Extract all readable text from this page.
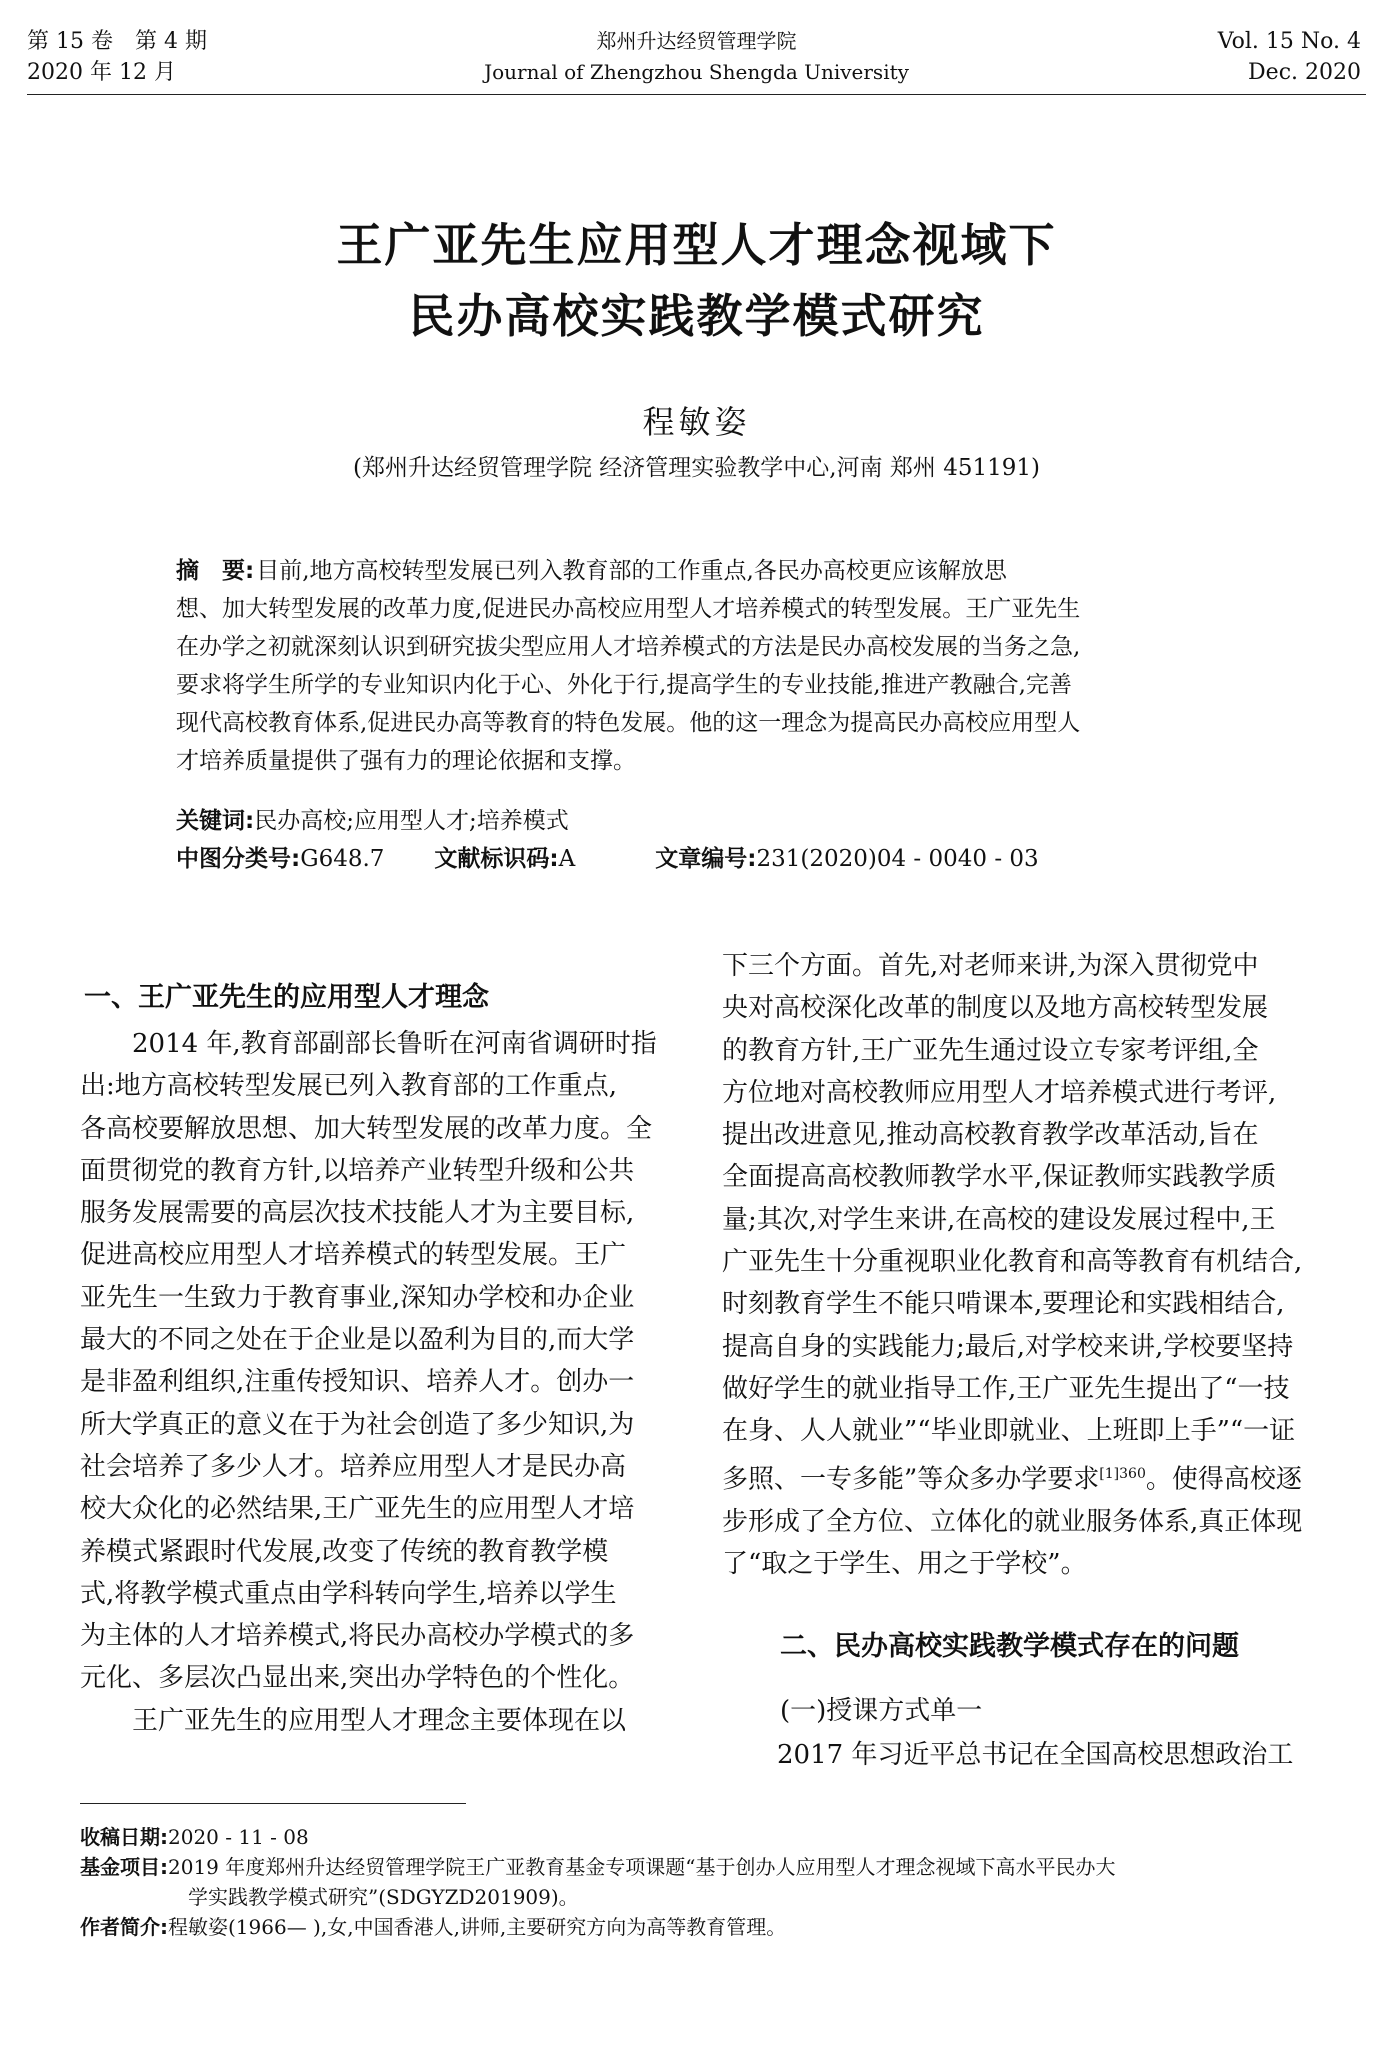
第 15 卷　第 4 期
2020 年 12 月
郑州升达经贸管理学院
Journal of Zhengzhou Shengda University
Vol. 15 No. 4
Dec. 2020
王广亚先生应用型人才理念视域下
民办高校实践教学模式研究
程敏姿
(郑州升达经贸管理学院 经济管理实验教学中心,河南 郑州 451191)
摘　要:目前,地方高校转型发展已列入教育部的工作重点,各民办高校更应该解放思
想、加大转型发展的改革力度,促进民办高校应用型人才培养模式的转型发展。王广亚先生
在办学之初就深刻认识到研究拔尖型应用人才培养模式的方法是民办高校发展的当务之急,
要求将学生所学的专业知识内化于心、外化于行,提高学生的专业技能,推进产教融合,完善
现代高校教育体系,促进民办高等教育的特色发展。他的这一理念为提高民办高校应用型人
才培养质量提供了强有力的理论依据和支撑。
关键词:民办高校;应用型人才;培养模式
中图分类号:G648.7 文献标识码:A	文章编号:231(2020)04 - 0040 - 03
一、王广亚先生的应用型人才理念
　　2014 年,教育部副部长鲁昕在河南省调研时指
出:地方高校转型发展已列入教育部的工作重点,
各高校要解放思想、加大转型发展的改革力度。全
面贯彻党的教育方针,以培养产业转型升级和公共
服务发展需要的高层次技术技能人才为主要目标,
促进高校应用型人才培养模式的转型发展。王广
亚先生一生致力于教育事业,深知办学校和办企业
最大的不同之处在于企业是以盈利为目的,而大学
是非盈利组织,注重传授知识、培养人才。创办一
所大学真正的意义在于为社会创造了多少知识,为
社会培养了多少人才。培养应用型人才是民办高
校大众化的必然结果,王广亚先生的应用型人才培
养模式紧跟时代发展,改变了传统的教育教学模
式,将教学模式重点由学科转向学生,培养以学生
为主体的人才培养模式,将民办高校办学模式的多
元化、多层次凸显出来,突出办学特色的个性化。
　　王广亚先生的应用型人才理念主要体现在以
下三个方面。首先,对老师来讲,为深入贯彻党中
央对高校深化改革的制度以及地方高校转型发展
的教育方针,王广亚先生通过设立专家考评组,全
方位地对高校教师应用型人才培养模式进行考评,
提出改进意见,推动高校教育教学改革活动,旨在
全面提高高校教师教学水平,保证教师实践教学质
量;其次,对学生来讲,在高校的建设发展过程中,王
广亚先生十分重视职业化教育和高等教育有机结合,
时刻教育学生不能只啃课本,要理论和实践相结合,
提高自身的实践能力;最后,对学校来讲,学校要坚持
做好学生的就业指导工作,王广亚先生提出了“一技
在身、人人就业”“毕业即就业、上班即上手”“一证
多照、一专多能”等众多办学要求$^{[1]360}$。使得高校逐
步形成了全方位、立体化的就业服务体系,真正体现
了“取之于学生、用之于学校”。
二、民办高校实践教学模式存在的问题
(一)授课方式单一
2017 年习近平总书记在全国高校思想政治工
收稿日期:2020 - 11 - 08
基金项目:2019 年度郑州升达经贸管理学院王广亚教育基金专项课题“基于创办人应用型人才理念视域下高水平民办大
学实践教学模式研究”(SDGYZD201909)。
作者简介:程敏姿(1966— ),女,中国香港人,讲师,主要研究方向为高等教育管理。
